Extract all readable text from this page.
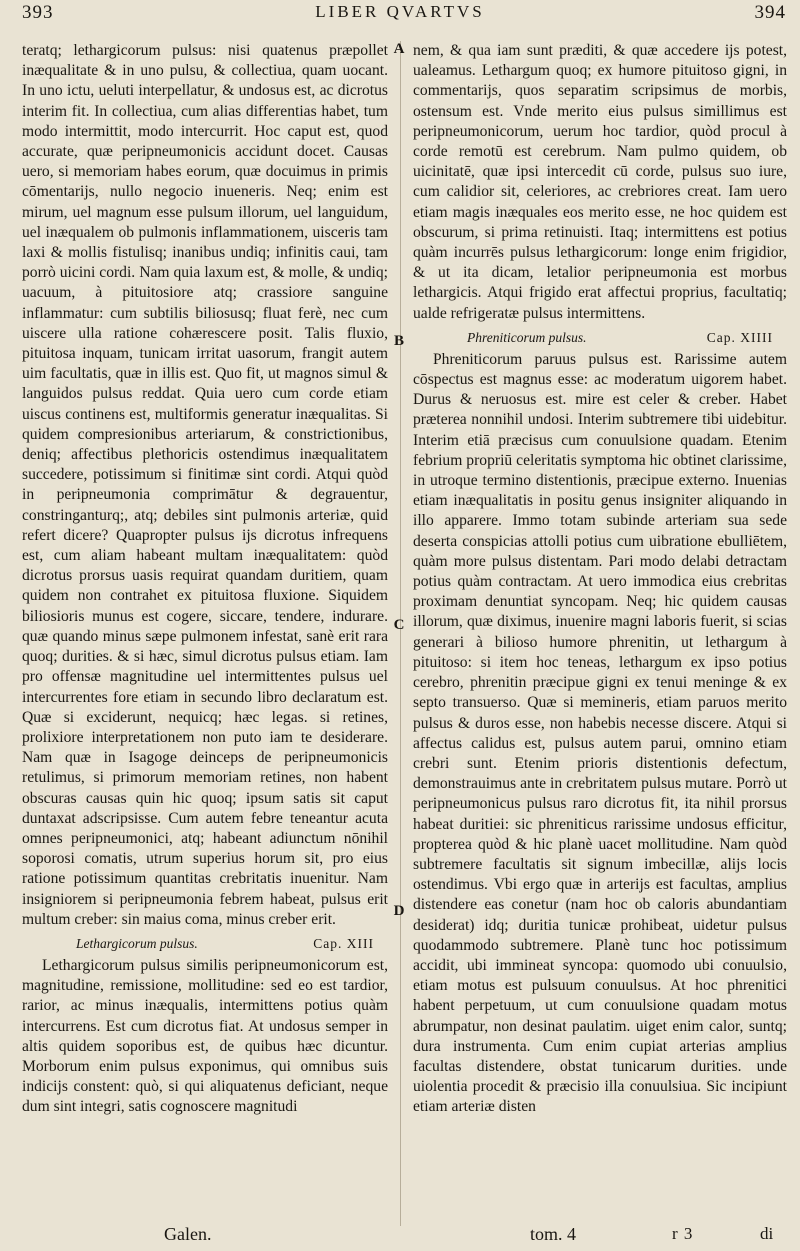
393	LIBER QVARTVS	394
A
B
C
D

teratq; lethargicorum pulsus: nisi quatenus præpollet inæqualitate & in uno pulsu, & collectiua, quam uocant. In uno ictu, ueluti interpellatur, & undosus est, ac dicrotus interim fit. In collectiua, cum alias differentias habet, tum modo intermittit, modo intercurrit. Hoc caput est, quod accurate, quæ peripneumonicis accidunt docet. Causas uero, si memoriam habes eorum, quæ docuimus in primis cōmentarijs, nullo negocio inueneris. Neq; enim est mirum, uel magnum esse pulsum illorum, uel languidum, uel inæqualem ob pulmonis inflammationem, uisceris tam laxi & mollis fistulisq; inanibus undiq; infinitis caui, tam porrò uicini cordi. Nam quia laxum est, & molle, & undiq; uacuum, à pituitosiore atq; crassiore sanguine inflammatur: cum subtilis biliosusq; fluat ferè, nec cum uiscere ulla ratione cohærescere posit. Talis fluxio, pituitosa inquam, tunicam irritat uasorum, frangit autem uim facultatis, quæ in illis est. Quo fit, ut magnos simul & languidos pulsus reddat. Quia uero cum corde etiam uiscus continens est, multiformis generatur inæqualitas. Si quidem compresionibus arteriarum, & constrictionibus, deniq; affectibus plethoricis ostendimus inæqualitatem succedere, potissimum si finitimæ sint cordi. Atqui quòd in peripneumonia comprimātur & degrauentur, constringanturq;, atq; debiles sint pulmonis arteriæ, quid refert dicere? Quapropter pulsus ijs dicrotus infrequens est, cum aliam habeant multam inæqualitatem: quòd dicrotus prorsus uasis requirat quandam duritiem, quam quidem non contrahet ex pituitosa fluxione. Siquidem biliosioris munus est cogere, siccare, tendere, indurare. quæ quando minus sæpe pulmonem infestat, sanè erit rara quoq; durities. & si hæc, simul dicrotus pulsus etiam. Iam pro offensæ magnitudine uel intermittentes pulsus uel intercurrentes fore etiam in secundo libro declaratum est. Quæ si exciderunt, nequicq; hæc legas. si retines, prolixiore interpretationem non puto iam te desiderare. Nam quæ in Isagoge deinceps de peripneumonicis retulimus, si primorum memoriam retines, non habent obscuras causas quin hic quoq; ipsum satis sit caput duntaxat adscripsisse. Cum autem febre teneantur acuta omnes peripneumonici, atq; habeant adiunctum nōnihil soporosi comatis, utrum superius horum sit, pro eius ratione potissimum quantitas crebritatis inuenitur. Nam insigniorem si peripneumonia febrem habeat, pulsus erit multum creber: sin maius coma, minus creber erit.

Lethargicorum pulsus.	Cap. XIII

Lethargicorum pulsus similis peripneumonicorum est, magnitudine, remissione, mollitudine: sed eo est tardior, rarior, ac minus inæqualis, intermittens potius quàm intercurrens. Est cum dicrotus fiat. At undosus semper in altis quidem soporibus est, de quibus hæc dicuntur. Morborum enim pulsus exponimus, qui omnibus suis indicijs constent: quò, si qui aliquatenus deficiant, neque dum sint integri, satis cognoscere magnitudi

nem, & qua iam sunt præditi, & quæ accedere ijs potest, ualeamus. Lethargum quoq; ex humore pituitoso gigni, in commentarijs, quos separatim scripsimus de morbis, ostensum est. Vnde merito eius pulsus simillimus est peripneumonicorum, uerum hoc tardior, quòd procul à corde remotū est cerebrum. Nam pulmo quidem, ob uicinitatē, quæ ipsi intercedit cū corde, pulsus suo iure, cum calidior sit, celeriores, ac crebriores creat. Iam uero etiam magis inæquales eos merito esse, ne hoc quidem est obscurum, si prima retinuisti. Itaq; intermittens est potius quàm incurrēs pulsus lethargicorum: longe enim frigidior, & ut ita dicam, letalior peripneumonia est morbus lethargicis. Atqui frigido erat affectui proprius, facultatiq; ualde refrigeratæ pulsus intermittens.

Phreniticorum pulsus.	Cap. XIIII

Phreniticorum paruus pulsus est. Rarissime autem cōspectus est magnus esse: ac moderatum uigorem habet. Durus & neruosus est. mire est celer & creber. Habet præterea nonnihil undosi. Interim subtremere tibi uidebitur. Interim etiā præcisus cum conuulsione quadam. Etenim febrium propriū celeritatis symptoma hic obtinet clarissime, in utroque termino distentionis, præcipue externo. Inuenias etiam inæqualitatis in positu genus insigniter aliquando in illo apparere. Immo totam subinde arteriam sua sede deserta conspicias attolli potius cum uibratione ebulliētem, quàm more pulsus distentam. Pari modo delabi detractam potius quàm contractam. At uero immodica eius crebritas proximam denuntiat syncopam. Neq; hic quidem causas illorum, quæ diximus, inuenire magni laboris fuerit, si scias generari à bilioso humore phrenitin, ut lethargum à pituitoso: si item hoc teneas, lethargum ex ipso potius cerebro, phrenitin præcipue gigni ex tenui meninge & ex septo transuerso. Quæ si memineris, etiam paruos merito pulsus & duros esse, non habebis necesse discere. Atqui si affectus calidus est, pulsus autem parui, omnino etiam crebri sunt. Etenim prioris distentionis defectum, demonstrauimus ante in crebritatem pulsus mutare. Porrò ut peripneumonicus pulsus raro dicrotus fit, ita nihil prorsus habeat duritiei: sic phreniticus rarissime undosus efficitur, propterea quòd & hic planè uacet mollitudine. Nam quòd subtremere facultatis sit signum imbecillæ, alijs locis ostendimus. Vbi ergo quæ in arterijs est facultas, amplius distendere eas conetur (nam hoc ob caloris abundantiam desiderat) idq; duritia tunicæ prohibeat, uidetur pulsus quodammodo subtremere. Planè tunc hoc potissimum accidit, ubi immineat syncopa: quomodo ubi conuulsio, etiam motus est pulsuum conuulsus. At hoc phrenitici habent perpetuum, ut cum conuulsione quadam motus abrumpatur, non desinat paulatim. uiget enim calor, suntq; dura instrumenta. Cum enim cupiat arterias amplius facultas distendere, obstat tunicarum durities. unde uiolentia procedit & præcisio illa conuulsiua. Sic incipiunt etiam arteriæ disten

Galen.	tom. 4	r 3	di
